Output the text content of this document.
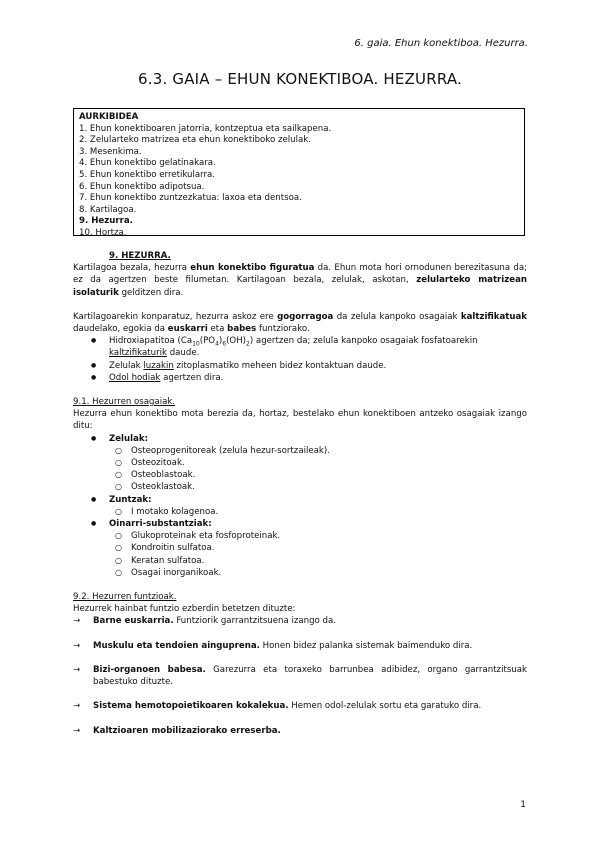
6. gaia. Ehun konektiboa. Hezurra.
6.3. GAIA – EHUN KONEKTIBOA. HEZURRA.
AURKIBIDEA
1. Ehun konektiboaren jatorria, kontzeptua eta sailkapena.
2. Zelularteko matrizea eta ehun konektiboko zelulak.
3. Mesenkima.
4. Ehun konektibo gelatinakara.
5. Ehun konektibo erretikularra.
6. Ehun konektibo adipotsua.
7. Ehun konektibo zuntzezkatua: laxoa eta dentsoa.
8. Kartilagoa.
9. Hezurra.
10. Hortza.
9. HEZURRA.

Kartilagoa bezala, hezurra ehun konektibo figuratua da. Ehun mota hori ornodunen berezitasuna da; ez da agertzen beste filumetan. Kartilagoan bezala, zelulak, askotan, zelularteko matrizean isolaturik gelditzen dira.

Kartilagoarekin konparatuz, hezurra askoz ere gogorragoa da zelula kanpoko osagaiak kaltzifikatuak daudelako, egokia da euskarri eta babes funtziorako.

● Hidroxiapatitoa $(Ca_{10}(PO_4)_6(OH)_2)$ agertzen da; zelula kanpoko osagaiak fosfatoarekin kaltzifikaturik daude.
● Zelulak luzakin zitoplasmatiko meheen bidez kontaktuan daude.
● Odol hodiak agertzen dira.
9.1. Hezurren osagaiak.

Hezurra ehun konektibo mota berezia da, hortaz, bestelako ehun konektiboen antzeko osagaiak izango ditu:

● Zelulak:
○ Osteoprogenitoreak (zelula hezur-sortzaileak).
○ Osteozitoak.
○ Osteoblastoak.
○ Osteoklastoak.
● Zuntzak:
○ I motako kolagenoa.
● Oinarri-substantziak:
○ Glukoproteinak eta fosfoproteinak.
○ Kondroitin sulfatoa.
○ Keratan sulfatoa.
○ Osagai inorganikoak.
9.2. Hezurren funtzioak.

Hezurrek hainbat funtzio ezberdin betetzen dituzte:

→ Barne euskarria. Funtziorik garrantzitsuena izango da.
→ Muskulu eta tendoien ainguprena. Honen bidez palanka sistemak baimenduko dira.
→ Bizi-organoen babesa. Garezurra eta toraxeko barrunbea adibidez, organo garrantzitsuak babestuko dituzte.
→ Sistema hemotopoietikoaren kokalekua. Hemen odol-zelulak sortu eta garatuko dira.
→ Kaltzioaren mobilizaziorako erreserba.
1
